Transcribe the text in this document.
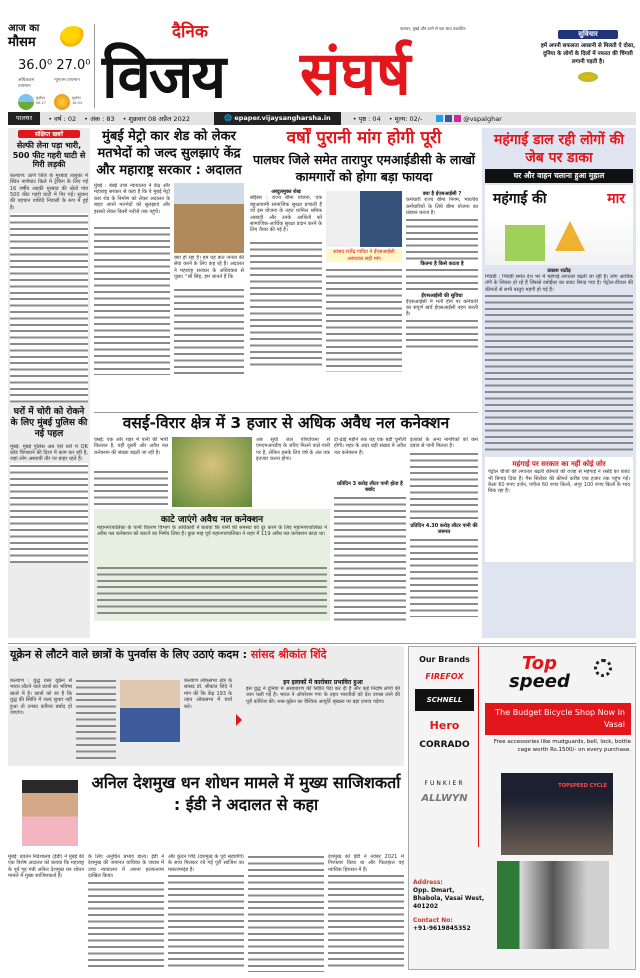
आज का
मौसम
36.0⁰ 27.0⁰
अधिकतम तापमान
न्यूनतम तापमान
सूर्योदय
06.27
सूर्यास्त
18.54
दैनिक
विजय
पालघर, मुंबई और ठाणे से एक साथ प्रकाशित
संघर्ष
सुविचार
हमें अपनी सफलता आसानी से मिलती ऐ दोस्त, दुनिया के लोगों के दिलों में नफरत की चिंगारी लगानी पड़ती है।
पालघर	• वर्ष : 02 • अंक : 83 • शुक्रवार 08 अप्रैल 2022	🌐 epaper.vijaysangharsha.in	• पृष्ठ : 04 • मूल्य: 02/-	@vspalghar
संक्षिप्त खबरें
सेल्फी लेना पड़ा भारी, 500 फीट गहरी घाटी से गिरी लड़की
कल्याण: ठाणे जिले के मुरबाड तालुका में स्थित नाणेघाट किले में ट्रेकिंग के लिए गई 16 वर्षीय लड़की मुरबाड की खेतो गांव 500 फीट गहरी घाटी में गिर गई। सूचना की पहचान वाशिंदे निवासी के रूप में हुई है।
घरों में चोरी को रोकने के लिए मुंबई पुलिस की नई पहल
मुंबई: मुंबई पुलिस अब ऐसे घरों में QR कोड चिपकाने की दिशा में काम कर रही है, जहां लोग अस्थायी तौर पर बाहर रहते हैं।
मुंबई मेट्रो कार शेड को लेकर मतभेदों को जल्द सुलझाएं केंद्र और महाराष्ट्र सरकार : अदालत
मुंबई : बंबई उच्च न्यायालय ने केंद्र और महाराष्ट्र सरकार से कहा है कि वे मुंबई मेट्रो कार शेड के निर्माण को लेकर अदालत के बाहर अपने मतभेदों को सुलझाएं और इसको लेकर किसी नतीजे तक पहुंचें।
क्या हो रहा है। हम यह बात जनता की सेवा करने के लिए कह रहे हैं। अदालत ने महाराष्ट्र सरकार के अधिवक्ता से पूछा। "श्री सिंह, हम जानते हैं कि
वर्षों पुरानी मांग होगी पूरी
पालघर जिले समेत तारापुर एमआईडीसी के लाखों कामगारों को होगा बड़ा फायदा
अब्दुलमुक्त शेख
बोईसर : राज्य बीमा योजना, एक बहुआयामी सामाजिक सुरक्षा प्रणाली है जो इस योजना के तहत शामिल श्रमिक आबादी और उनके आश्रितों को सामाजिक-आर्थिक सुरक्षा प्रदान करने के लिए तैयार की गई है।
सांसद राजेंद्र गावित ने ईएसआईसी अस्पताल सही मांग
क्या है ईएसआईसी ?
कर्मचारी राज्य बीमा निगम, भारतीय कर्मचारियों के लिये बीमा योजना का प्रबंधन करता है।
कितना है किसे कटता है
ईएसआईसी की सुविधा
ईएसआईसी में भर्ती होने पर कर्मचारी का संपूर्ण खर्च ईएसआईसी वहन करती है।
महंगाई डाल रही लोगों की जेब पर डाका
घर और वाहन चलाना हुआ मुहाल
महंगाई की	मार
प्रकाश राठौड़
भिवंडी : भिवंडी समेत देश भर में महंगाई लगातार बढ़ती जा रही है। लोग आर्थिक तंगी के शिकार हो रहे हैं जिससे रसोईघर का बजट बिगड़ गया है। पेट्रोल-डीजल की कीमतों से सभी वस्तुएं महंगी हो गई हैं।
महंगाई पर सरकार का नहीं कोई जोर
पेट्रोल चीजों की लगातार बढ़ती कीमतों की वजह से महंगाई ने रसोई का बजट भी बिगाड़ दिया है। गैस सिलेंडर की कीमतें करीब एक हजार तक पहुंच गई। केला 60 रुपए दर्जन, पपीता 60 रुपए किलो, अंगूर 100 रुपए किलो के भाव बिक रहा है।
वसई-विरार क्षेत्र में 3 हजार से अधिक अवैध नल कनेक्शन
वसई: एक ओर शहर में पानी की भारी किल्लत है, वहीं दूसरी ओर अवैध नल कनेक्शन की संख्या बढ़ती जा रही है।
काटे जाएंगे अवैध नल कनेक्शन
महानगरपालिका के पानी वितरण विभाग के अधिकारी ने बताया कि पानी की समस्या को दूर करने के लिए महानगरपालिका ने अवैध नल कनेक्शन को काटने का निर्णय लिया है। कुछ माह पूर्व महानगरपालिका ने शहर में 119 अवैध नल कनेक्शन काटा था।
अब सूर्या जल परियोजना से एमएमआरडीए के जरिए मिलने वाले पानी पर है, लेकिन इसके लिए वर्ष के अंत तक इंतजार करना होगा।
दो-ढाई महीने तक यह एक बड़ी चुनौती होगी। शहर के अंदर बड़ी संख्या में अवैध नल कनेक्शन हैं।
प्रतिदिन 3 करोड़ लीटर पानी होता है बर्बाद
इलाकों के अन्य नागरिकों को कम दबाव से पानी मिलता है।
प्रतिदिन 4.30 करोड़ लीटर पानी की जरूरत
यूक्रेन से लौटने वाले छात्रों के पुनर्वास के लिए उठाएं कदम : सांसद श्रीकांत शिंदे
कल्याण : युद्ध ग्रस्त यूक्रेन से भारत लौटने वाले छात्रों का भविष्य खतरे में है। छात्रों को डर है कि युद्ध की स्थिति में जल्द सुधार नहीं हुआ तो उनका करियर बर्बाद हो जाएगा।
कल्याण लोकसभा क्षेत्र के सांसद डॉ. श्रीकांत शिंदे ने मांग की कि केंद्र 193 के तहत लोकसभा में चर्चा करे।
इन इलाकों में कारोबार प्रभावित हुआ
इस युद्ध ने दुनिया में असाधारण की स्थिति पैदा कर दी है और कई निर्दोष लोगों की जान चली गई है। भारत ने ऑपरेशन गंगा के तहत भारतीयों को देश वापस लाने की पूरी कोशिश की। रूस-यूक्रेन का वैश्विक आपूर्ति श्रृंखला पर बड़ा प्रभाव पड़ेगा।
अनिल देशमुख धन शोधन मामले में मुख्य साजिशकर्ता : ईडी ने अदालत से कहा
मुंबई: प्रवर्तन निदेशालय (ईडी) ने मुंबई की एक विशेष अदालत को बताया कि महाराष्ट्र के पूर्व गृह मंत्री अनिल देशमुख धन शोधन मामले में मुख्य साजिशकर्ता हैं।
के लिए अनुचित प्रभाव डाला। ईडी ने देशमुख की जमानत याचिका के जवाब में उच्च न्यायालय में अपना हलफनामा दाखिल किया।
और कुंदन शिंदे (देशमुख के पूर्व सहयोगी) के साथ मिलकर रचे गई पूरी साजिश का मास्टरमाइंड हैं।
देशमुख को ईडी ने नवंबर 2021 में गिरफ्तार किया था और फिलहाल वह न्यायिक हिरासत में हैं।
Our Brands
FIREFOX
SCHNELL
Hero
CORRADO
FUNKIER
ALLWYN
Address:
Opp. Dmart, Bhabola, Vasai West, 401202
Contact No:
+91-9619845352
Top
speed
The Budget Bicycle Shop Now In Vasai
Free accessories like mudguards, bell, lock, bottle cage worth Rs.1500/- on every purchase.
TOPSPEED CYCLE
